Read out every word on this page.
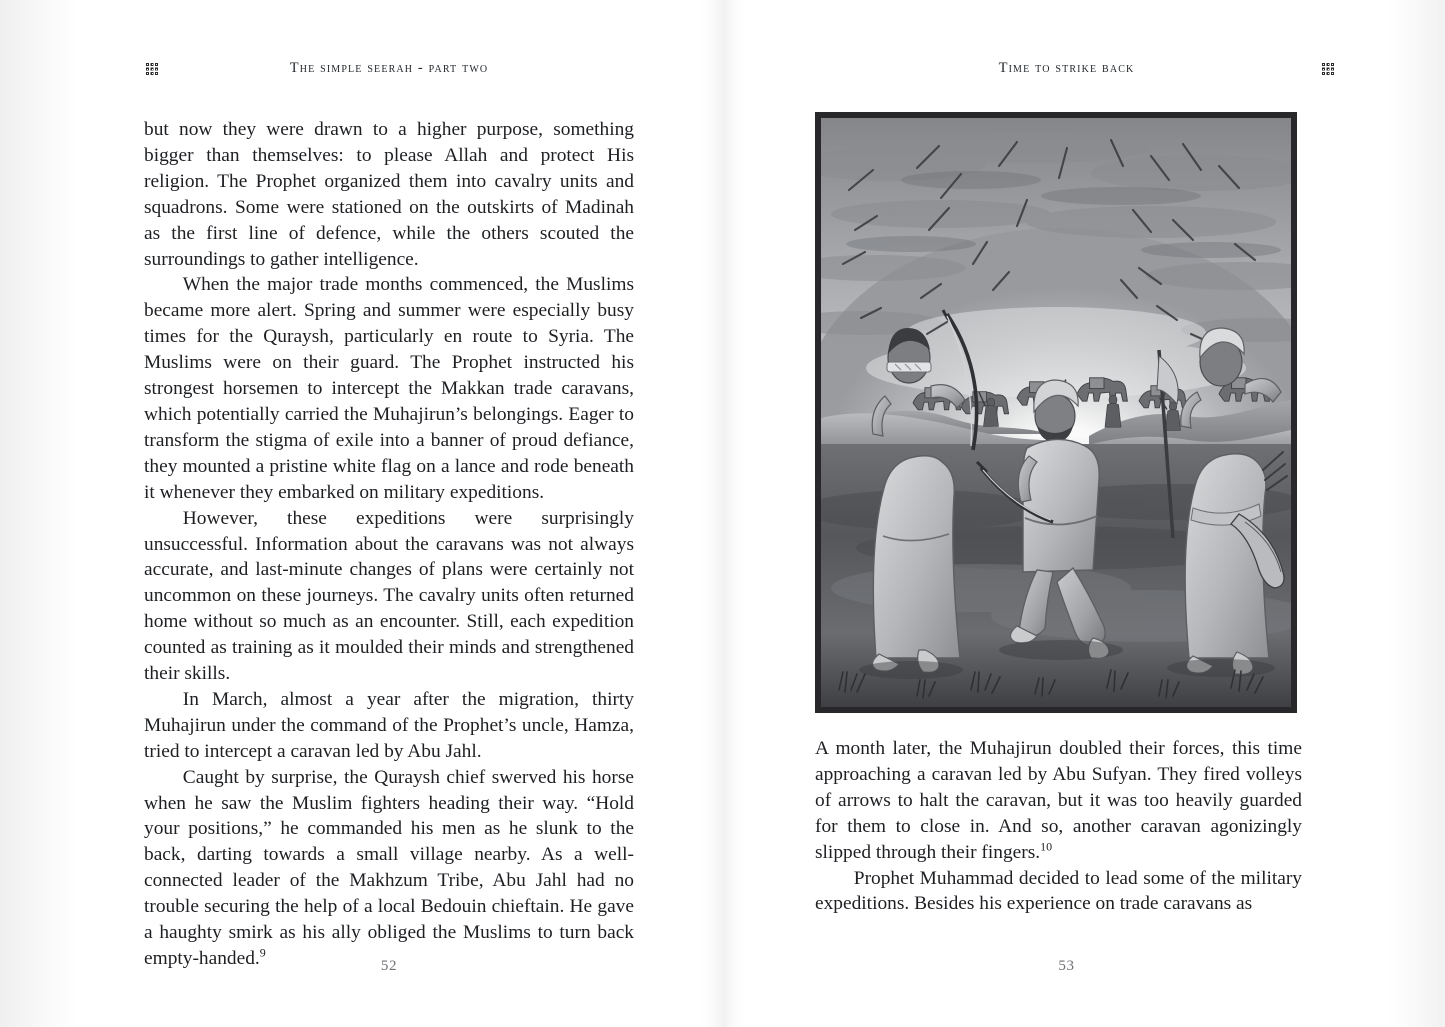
The simple seerah - part two

but now they were drawn to a higher purpose, something bigger than themselves: to please Allah and protect His religion. The Prophet organized them into cavalry units and squadrons. Some were stationed on the outskirts of Madinah as the first line of defence, while the others scouted the surroundings to gather intelligence.

When the major trade months commenced, the Muslims became more alert. Spring and summer were especially busy times for the Quraysh, particularly en route to Syria. The Muslims were on their guard. The Prophet instructed his strongest horsemen to intercept the Makkan trade caravans, which potentially carried the Muhajirun’s belongings. Eager to transform the stigma of exile into a banner of proud defiance, they mounted a pristine white flag on a lance and rode beneath it whenever they embarked on military expeditions.

However, these expeditions were surprisingly unsuccessful. Information about the caravans was not always accurate, and last-minute changes of plans were certainly not uncommon on these journeys. The cavalry units often returned home without so much as an encounter. Still, each expedition counted as training as it moulded their minds and strengthened their skills.

In March, almost a year after the migration, thirty Muhajirun under the command of the Prophet’s uncle, Hamza, tried to intercept a caravan led by Abu Jahl.

Caught by surprise, the Quraysh chief swerved his horse when he saw the Muslim fighters heading their way. “Hold your positions,” he commanded his men as he slunk to the back, darting towards a small village nearby. As a well-connected leader of the Makhzum Tribe, Abu Jahl had no trouble securing the help of a local Bedouin chieftain. He gave a haughty smirk as his ally obliged the Muslims to turn back empty-handed.$^9$

52
Time to strike back

A month later, the Muhajirun doubled their forces, this time approaching a caravan led by Abu Sufyan. They fired volleys of arrows to halt the caravan, but it was too heavily guarded for them to close in. And so, another caravan agonizingly slipped through their fingers.$^{10}$

Prophet Muhammad decided to lead some of the military expeditions. Besides his experience on trade caravans as

53
